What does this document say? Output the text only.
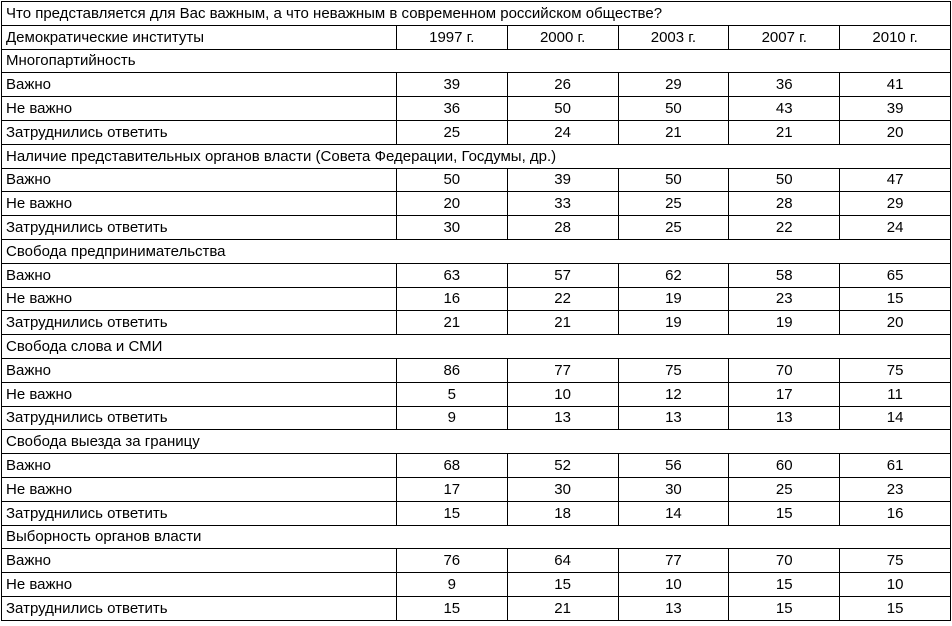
Что представляется для Вас важным, а что неважным в современном российском обществе?					
Демократические институты	1997 г.	2000 г.	2003 г.	2007 г.	2010 г.
Многопартийность					
Важно	39	26	29	36	41
Не важно	36	50	50	43	39
Затруднились ответить	25	24	21	21	20
Наличие представительных органов власти (Совета Федерации, Госдумы, др.)					
Важно	50	39	50	50	47
Не важно	20	33	25	28	29
Затруднились ответить	30	28	25	22	24
Свобода предпринимательства					
Важно	63	57	62	58	65
Не важно	16	22	19	23	15
Затруднились ответить	21	21	19	19	20
Свобода слова и СМИ					
Важно	86	77	75	70	75
Не важно	5	10	12	17	11
Затруднились ответить	9	13	13	13	14
Свобода выезда за границу					
Важно	68	52	56	60	61
Не важно	17	30	30	25	23
Затруднились ответить	15	18	14	15	16
Выборность органов власти					
Важно	76	64	77	70	75
Не важно	9	15	10	15	10
Затруднились ответить	15	21	13	15	15
